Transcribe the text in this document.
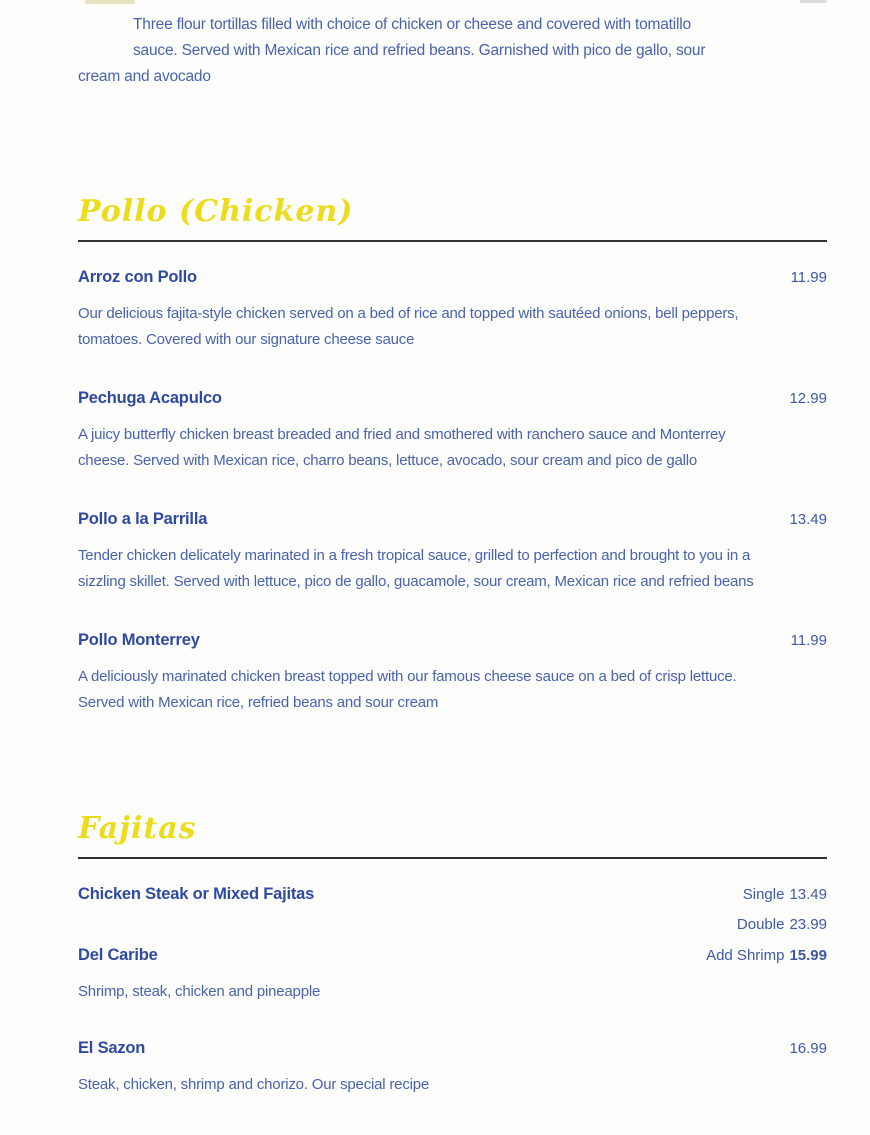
Three flour tortillas filled with choice of chicken or cheese and covered with tomatillo
sauce. Served with Mexican rice and refried beans. Garnished with pico de gallo, sour
cream and avocado
Pollo (Chicken)
Arroz con Pollo	11.99
Our delicious fajita-style chicken served on a bed of rice and topped with sautéed onions, bell peppers, tomatoes. Covered with our signature cheese sauce
Pechuga Acapulco	12.99
A juicy butterfly chicken breast breaded and fried and smothered with ranchero sauce and Monterrey cheese. Served with Mexican rice, charro beans, lettuce, avocado, sour cream and pico de gallo
Pollo a la Parrilla	13.49
Tender chicken delicately marinated in a fresh tropical sauce, grilled to perfection and brought to you in a sizzling skillet. Served with lettuce, pico de gallo, guacamole, sour cream, Mexican rice and refried beans
Pollo Monterrey	11.99
A deliciously marinated chicken breast topped with our famous cheese sauce on a bed of crisp lettuce. Served with Mexican rice, refried beans and sour cream
Fajitas
Chicken Steak or Mixed Fajitas	Single 13.49
Double 23.99
Del Caribe	Add Shrimp 15.99
Shrimp, steak, chicken and pineapple
El Sazon	16.99
Steak, chicken, shrimp and chorizo. Our special recipe
